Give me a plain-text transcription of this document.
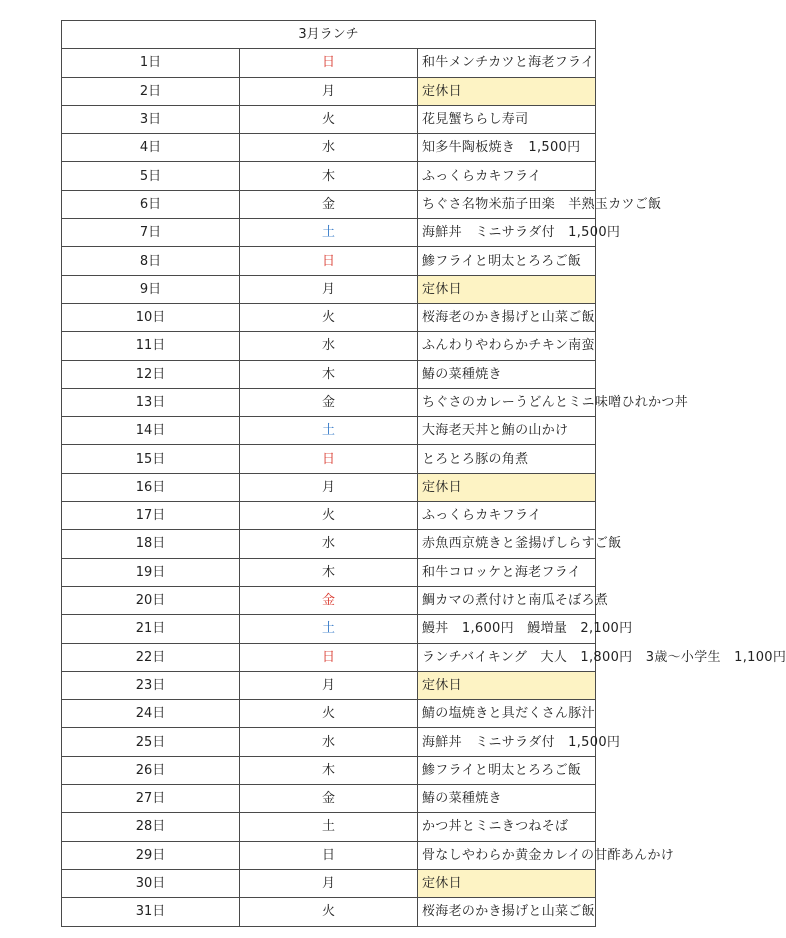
3月ランチ		
1日	日	和牛メンチカツと海老フライ
2日	月	定休日
3日	火	花見蟹ちらし寿司
4日	水	知多牛陶板焼き　1,500円
5日	木	ふっくらカキフライ
6日	金	ちぐさ名物米茄子田楽　半熟玉カツご飯
7日	土	海鮮丼　ミニサラダ付　1,500円
8日	日	鯵フライと明太とろろご飯
9日	月	定休日
10日	火	桜海老のかき揚げと山菜ご飯
11日	水	ふんわりやわらかチキン南蛮
12日	木	鰆の菜種焼き
13日	金	ちぐさのカレーうどんとミニ味噌ひれかつ丼
14日	土	大海老天丼と鮪の山かけ
15日	日	とろとろ豚の角煮
16日	月	定休日
17日	火	ふっくらカキフライ
18日	水	赤魚西京焼きと釜揚げしらすご飯
19日	木	和牛コロッケと海老フライ
20日	金	鯛カマの煮付けと南瓜そぼろ煮
21日	土	鰻丼　1,600円　鰻増量　2,100円
22日	日	ランチバイキング　大人　1,800円　3歳〜小学生　1,100円
23日	月	定休日
24日	火	鯖の塩焼きと具だくさん豚汁
25日	水	海鮮丼　ミニサラダ付　1,500円
26日	木	鯵フライと明太とろろご飯
27日	金	鰆の菜種焼き
28日	土	かつ丼とミニきつねそば
29日	日	骨なしやわらか黄金カレイの甘酢あんかけ
30日	月	定休日
31日	火	桜海老のかき揚げと山菜ご飯
